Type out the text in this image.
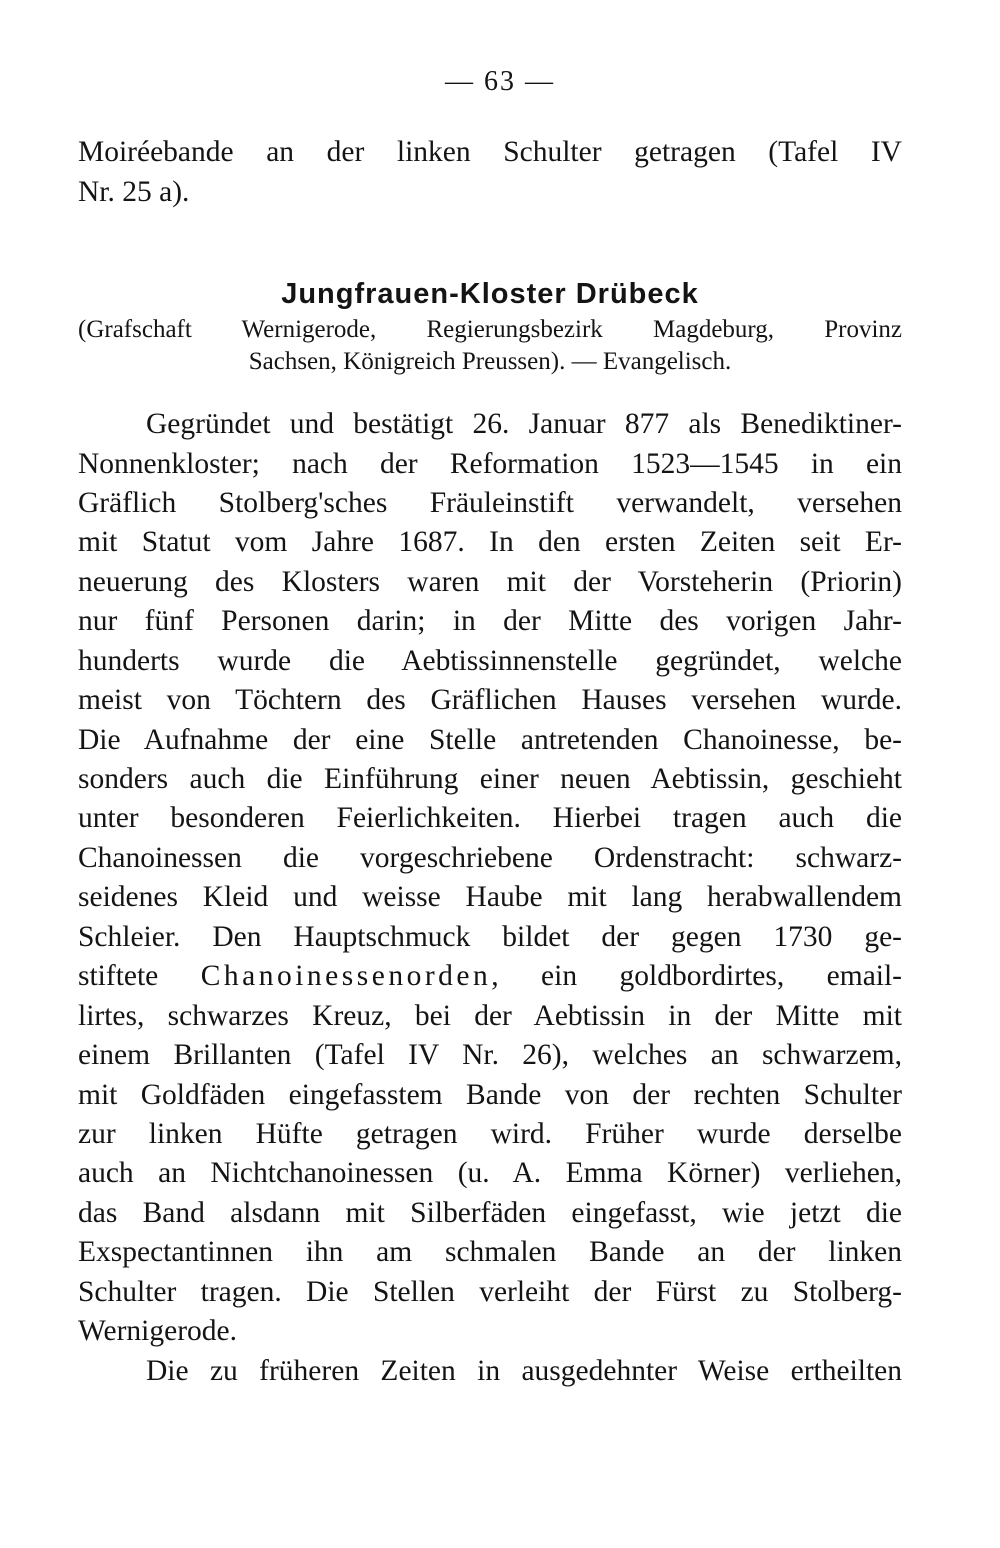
— 63 —
Moiréebande an der linken Schulter getragen (Tafel IV
Nr. 25 a).
Jungfrauen-Kloster Drübeck
(Grafschaft Wernigerode, Regierungsbezirk Magdeburg, Provinz
Sachsen, Königreich Preussen). — Evangelisch.
Gegründet und bestätigt 26. Januar 877 als Benediktiner-
Nonnenkloster; nach der Reformation 1523—1545 in ein
Gräflich Stolberg'sches Fräuleinstift verwandelt, versehen
mit Statut vom Jahre 1687. In den ersten Zeiten seit Er-
neuerung des Klosters waren mit der Vorsteherin (Priorin)
nur fünf Personen darin; in der Mitte des vorigen Jahr-
hunderts wurde die Aebtissinnenstelle gegründet, welche
meist von Töchtern des Gräflichen Hauses versehen wurde.
Die Aufnahme der eine Stelle antretenden Chanoinesse, be-
sonders auch die Einführung einer neuen Aebtissin, geschieht
unter besonderen Feierlichkeiten. Hierbei tragen auch die
Chanoinessen die vorgeschriebene Ordenstracht: schwarz-
seidenes Kleid und weisse Haube mit lang herabwallendem
Schleier. Den Hauptschmuck bildet der gegen 1730 ge-
stiftete Chanoinessenorden, ein goldbordirtes, email-
lirtes, schwarzes Kreuz, bei der Aebtissin in der Mitte mit
einem Brillanten (Tafel IV Nr. 26), welches an schwarzem,
mit Goldfäden eingefasstem Bande von der rechten Schulter
zur linken Hüfte getragen wird. Früher wurde derselbe
auch an Nichtchanoinessen (u. A. Emma Körner) verliehen,
das Band alsdann mit Silberfäden eingefasst, wie jetzt die
Exspectantinnen ihn am schmalen Bande an der linken
Schulter tragen. Die Stellen verleiht der Fürst zu Stolberg-
Wernigerode.
Die zu früheren Zeiten in ausgedehnter Weise ertheilten
